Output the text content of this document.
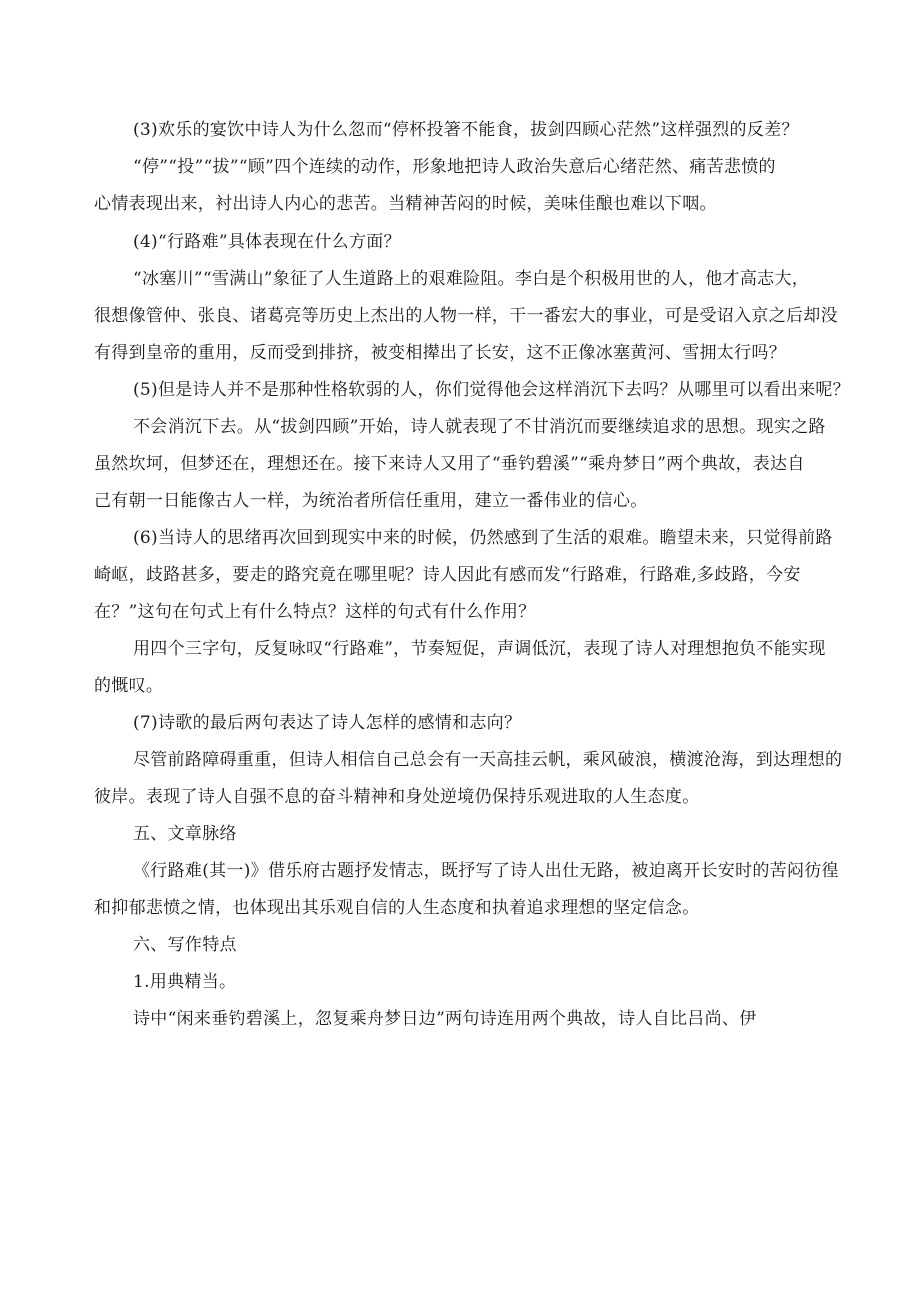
(3)欢乐的宴饮中诗人为什么忽而“停杯投箸不能食，拔剑四顾心茫然”这样强烈的反差？
“停”“投”“拔”“顾”四个连续的动作，形象地把诗人政治失意后心绪茫然、痛苦悲愤的
心情表现出来，衬出诗人内心的悲苦。当精神苦闷的时候，美味佳酿也难以下咽。
(4)“行路难”具体表现在什么方面？
“冰塞川”“雪满山”象征了人生道路上的艰难险阻。李白是个积极用世的人，他才高志大，
很想像管仲、张良、诸葛亮等历史上杰出的人物一样，干一番宏大的事业，可是受诏入京之后却没
有得到皇帝的重用，反而受到排挤，被变相撵出了长安，这不正像冰塞黄河、雪拥太行吗？
(5)但是诗人并不是那种性格软弱的人，你们觉得他会这样消沉下去吗？从哪里可以看出来呢？
不会消沉下去。从“拔剑四顾”开始，诗人就表现了不甘消沉而要继续追求的思想。现实之路
虽然坎坷，但梦还在，理想还在。接下来诗人又用了“垂钓碧溪”“乘舟梦日”两个典故，表达自
己有朝一日能像古人一样，为统治者所信任重用，建立一番伟业的信心。
(6)当诗人的思绪再次回到现实中来的时候，仍然感到了生活的艰难。瞻望未来，只觉得前路
崎岖，歧路甚多，要走的路究竟在哪里呢？诗人因此有感而发“行路难，行路难,多歧路，今安
在？”这句在句式上有什么特点？这样的句式有什么作用？
用四个三字句，反复咏叹“行路难”，节奏短促，声调低沉，表现了诗人对理想抱负不能实现
的慨叹。
(7)诗歌的最后两句表达了诗人怎样的感情和志向？
尽管前路障碍重重，但诗人相信自己总会有一天高挂云帆，乘风破浪，横渡沧海，到达理想的
彼岸。表现了诗人自强不息的奋斗精神和身处逆境仍保持乐观进取的人生态度。
五、文章脉络
《行路难(其一)》借乐府古题抒发情志，既抒写了诗人出仕无路，被迫离开长安时的苦闷彷徨
和抑郁悲愤之情，也体现出其乐观自信的人生态度和执着追求理想的坚定信念。
六、写作特点
1.用典精当。
诗中“闲来垂钓碧溪上，忽复乘舟梦日边”两句诗连用两个典故，诗人自比吕尚、伊
